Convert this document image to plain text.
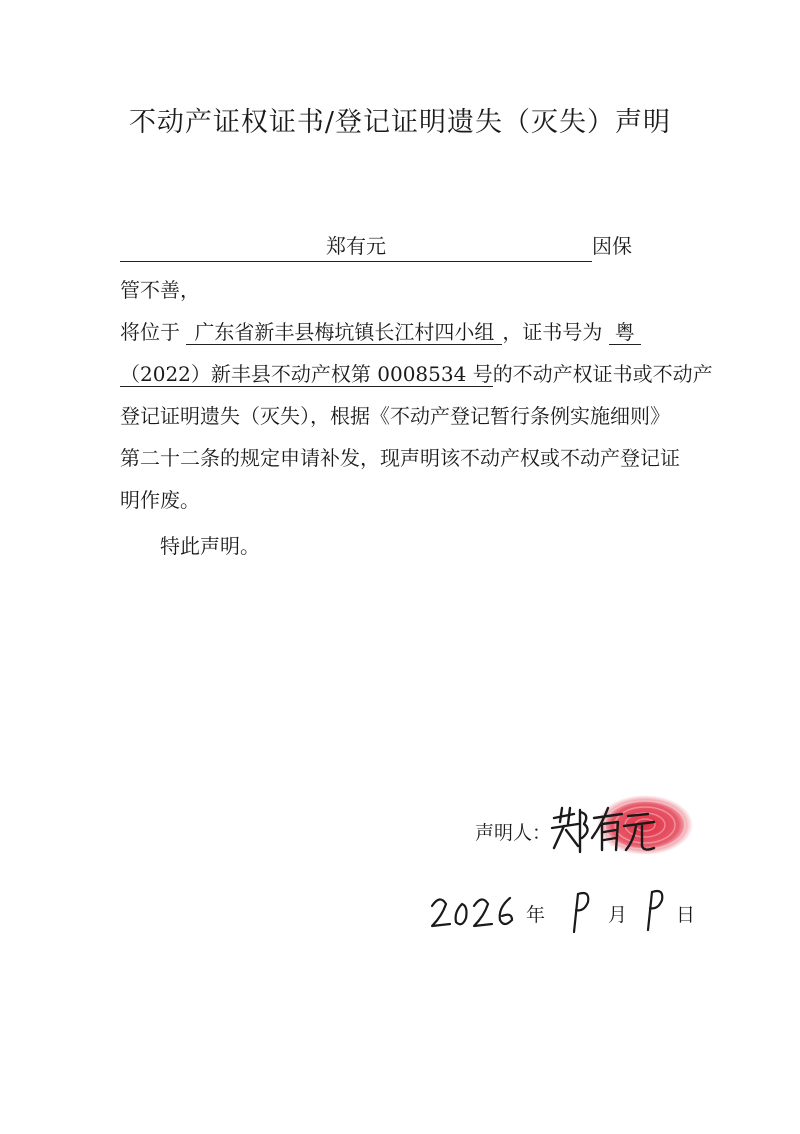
不动产证权证书/登记证明遗失（灭失）声明
郑有元	因保
管不善，
将位于 广东省新丰县梅坑镇长江村四小组 ，证书号为 粤
（2022）新丰县不动产权第 0008534 号的不动产权证书或不动产
登记证明遗失（灭失），根据《不动产登记暂行条例实施细则》
第二十二条的规定申请补发，现声明该不动产权或不动产登记证
明作废。
特此声明。
声明人：
年	月	日
